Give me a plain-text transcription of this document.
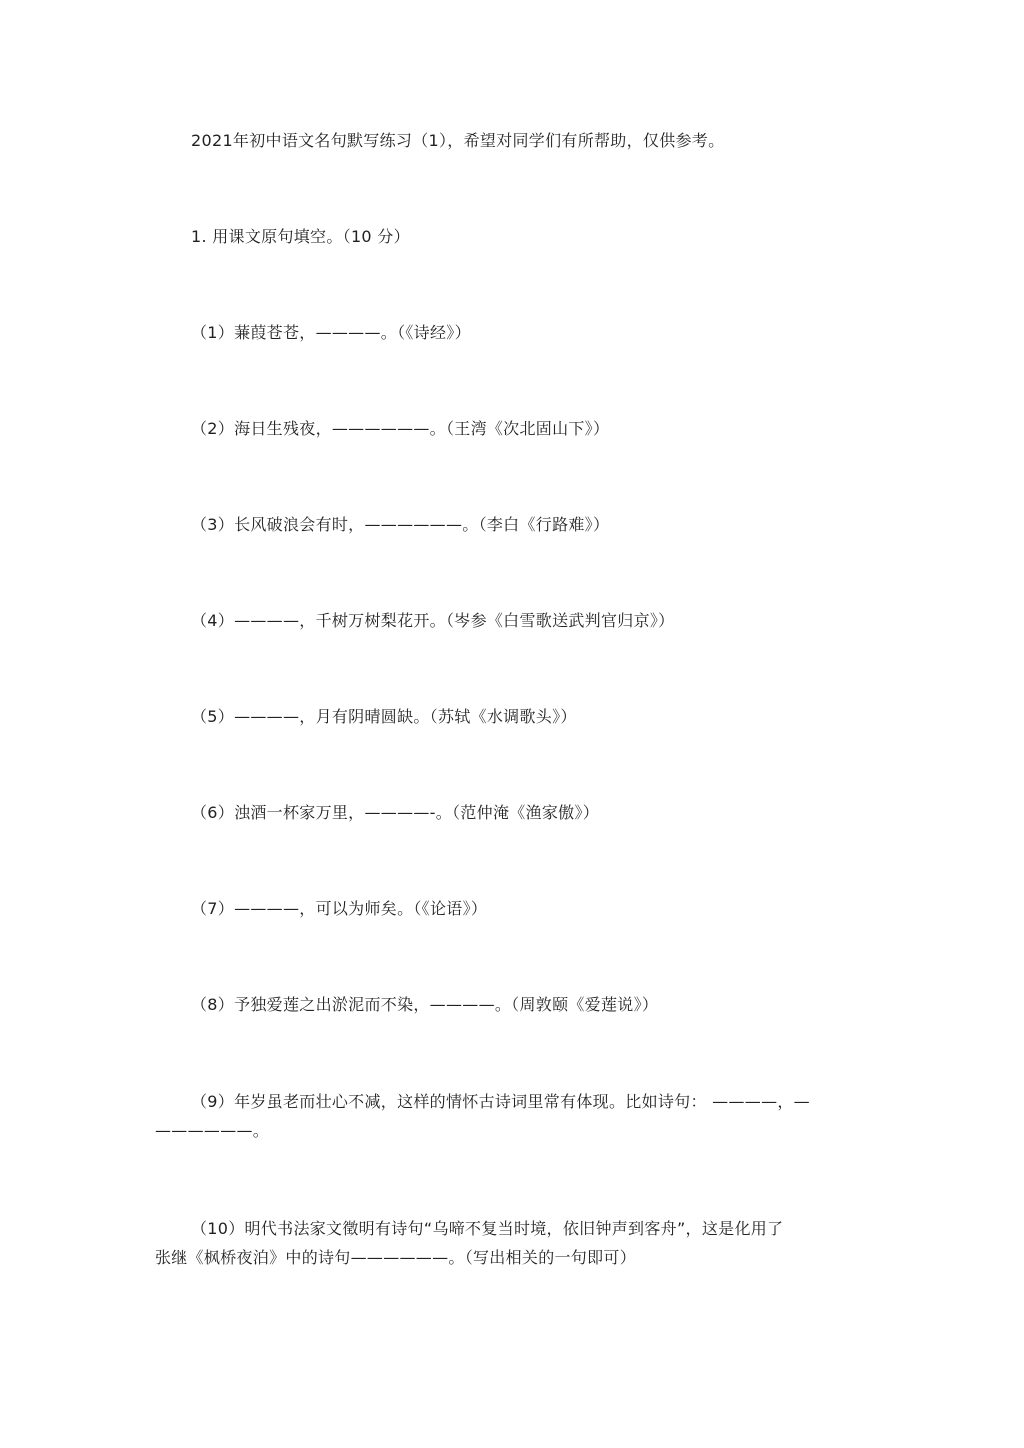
2021年初中语文名句默写练习（1），希望对同学们有所帮助，仅供参考。
1. 用课文原句填空。（10 分）
（1）蒹葭苍苍，————。（《诗经》）
（2）海日生残夜，——————。（王湾《次北固山下》）
（3）长风破浪会有时，——————。（李白《行路难》）
（4）————，千树万树梨花开。（岑参《白雪歌送武判官归京》）
（5）————，月有阴晴圆缺。（苏轼《水调歌头》）
（6）浊酒一杯家万里，————-。（范仲淹《渔家傲》）
（7）————，可以为师矣。（《论语》）
（8）予独爱莲之出淤泥而不染，————。（周敦颐《爱莲说》）
（9）年岁虽老而壮心不减，这样的情怀古诗词里常有体现。比如诗句： ————，—
——————。
（10）明代书法家文徵明有诗句“乌啼不复当时境，依旧钟声到客舟”，这是化用了
张继《枫桥夜泊》中的诗句——————。（写出相关的一句即可）
